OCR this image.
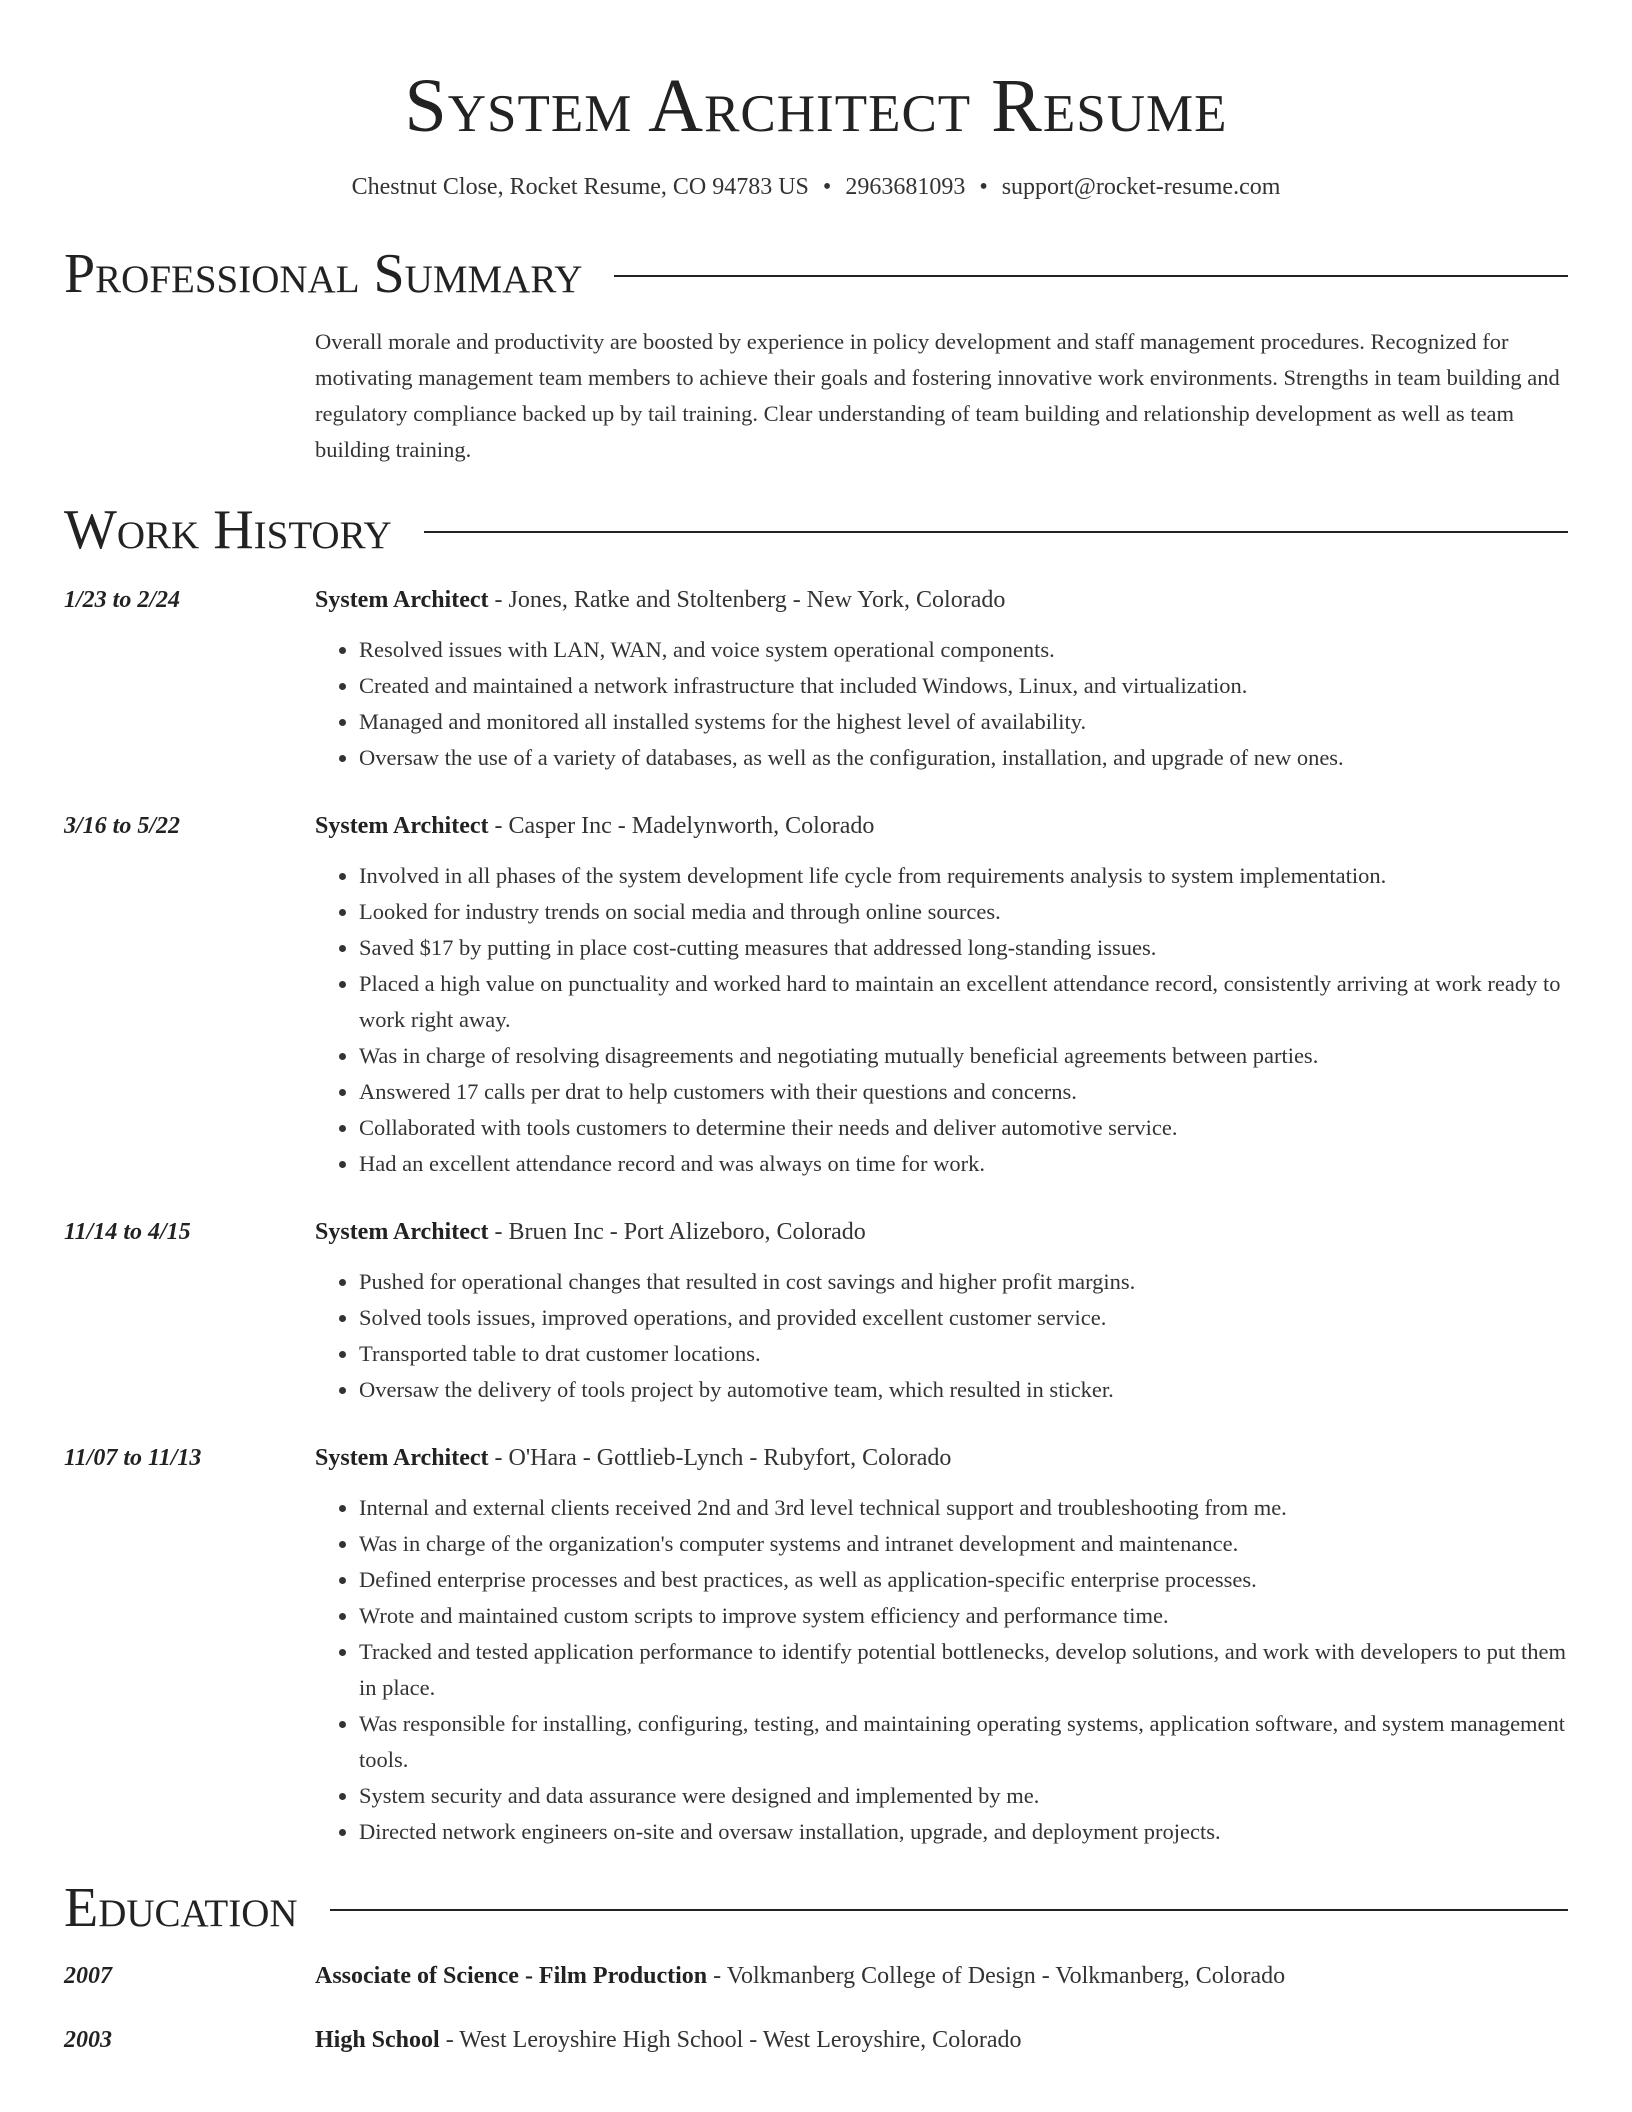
System Architect Resume
Chestnut Close, Rocket Resume, CO 94783 US • 2963681093 • support@rocket-resume.com
Professional Summary
Overall morale and productivity are boosted by experience in policy development and staff management procedures. Recognized for motivating management team members to achieve their goals and fostering innovative work environments. Strengths in team building and regulatory compliance backed up by tail training. Clear understanding of team building and relationship development as well as team building training.
Work History
1/23 to 2/24	System Architect - Jones, Ratke and Stoltenberg - New York, Colorado
• Resolved issues with LAN, WAN, and voice system operational components.
• Created and maintained a network infrastructure that included Windows, Linux, and virtualization.
• Managed and monitored all installed systems for the highest level of availability.
• Oversaw the use of a variety of databases, as well as the configuration, installation, and upgrade of new ones.
3/16 to 5/22	System Architect - Casper Inc - Madelynworth, Colorado
• Involved in all phases of the system development life cycle from requirements analysis to system implementation.
• Looked for industry trends on social media and through online sources.
• Saved $17 by putting in place cost-cutting measures that addressed long-standing issues.
• Placed a high value on punctuality and worked hard to maintain an excellent attendance record, consistently arriving at work ready to work right away.
• Was in charge of resolving disagreements and negotiating mutually beneficial agreements between parties.
• Answered 17 calls per drat to help customers with their questions and concerns.
• Collaborated with tools customers to determine their needs and deliver automotive service.
• Had an excellent attendance record and was always on time for work.
11/14 to 4/15	System Architect - Bruen Inc - Port Alizeboro, Colorado
• Pushed for operational changes that resulted in cost savings and higher profit margins.
• Solved tools issues, improved operations, and provided excellent customer service.
• Transported table to drat customer locations.
• Oversaw the delivery of tools project by automotive team, which resulted in sticker.
11/07 to 11/13	System Architect - O'Hara - Gottlieb-Lynch - Rubyfort, Colorado
• Internal and external clients received 2nd and 3rd level technical support and troubleshooting from me.
• Was in charge of the organization's computer systems and intranet development and maintenance.
• Defined enterprise processes and best practices, as well as application-specific enterprise processes.
• Wrote and maintained custom scripts to improve system efficiency and performance time.
• Tracked and tested application performance to identify potential bottlenecks, develop solutions, and work with developers to put them in place.
• Was responsible for installing, configuring, testing, and maintaining operating systems, application software, and system management tools.
• System security and data assurance were designed and implemented by me.
• Directed network engineers on-site and oversaw installation, upgrade, and deployment projects.
Education
2007	Associate of Science - Film Production - Volkmanberg College of Design - Volkmanberg, Colorado
2003	High School - West Leroyshire High School - West Leroyshire, Colorado
